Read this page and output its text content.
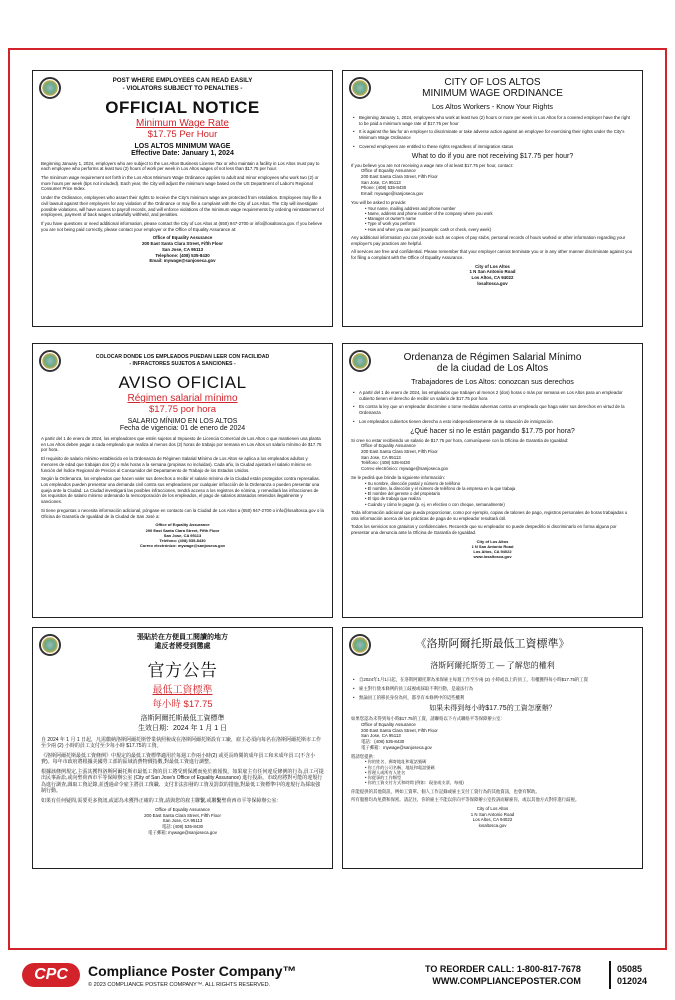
POST WHERE EMPLOYEES CAN READ EASILY
- VIOLATORS SUBJECT TO PENALTIES -
OFFICIAL NOTICE
Minimum Wage Rate
$17.75 Per Hour
LOS ALTOS MINIMUM WAGE
Effective Date: January 1, 2024

Beginning January 1, 2024, employers who are subject to the Los Altos Business License Tax or who maintain a facility in Los Altos must pay to each employee who performs at least two (2) hours of work per week in Los Altos wages of not less than $17.75 per hour.

The minimum wage requirement set forth in the Los Altos Minimum Wage Ordinance applies to adult and minor employees who work two (2) or more hours per week (tips not included). Each year, the City will adjust the minimum wage based on the US Department of Labor's Regional Consumer Price Index.

Under the Ordinance, employees who assert their rights to receive the City's minimum wage are protected from retaliation. Employees may file a civil lawsuit against their employers for any violation of the Ordinance or may file a complaint with the City of Los Altos. The City will investigate possible violations, will have access to payroll records, and will enforce violations of the minimum wage requirements by ordering reinstatement of employees, payment of back wages unlawfully withheld, and penalties.

If you have questions or need additional information, please contact the City of Los Altos at (650) 947-2700 or info@losaltosca.gov. If you believe you are not being paid correctly, please contact your employer or the Office of Equality Assurance at:

Office of Equality Assurance
200 East Santa Clara Street, Fifth Floor
San Jose, CA 95113
Telephone: (408) 535-8430
Email: mywage@sanjoseca.gov
CITY OF LOS ALTOS
MINIMUM WAGE ORDINANCE
Los Altos Workers - Know Your Rights
• Beginning January 1, 2024, employees who work at least two (2) hours or more per week in Los Altos for a covered employer have the right to be paid a minimum wage rate of $17.75 per hour
• It is against the law for an employer to discriminate or take adverse action against an employee for exercising their rights under the City's Minimum Wage Ordinance
• Covered employees are entitled to these rights regardless of immigration status
What to do if you are not receiving $17.75 per hour?
If you believe you are not receiving a wage rate of at least $17.75 per hour, contact:
Office of Equality Assurance
200 East Santa Clara Street, Fifth Floor
San Jose, CA 95113
Phone: (408) 535-8430
Email: mywage@sanjoseca.gov
You will be asked to provide:
• Your name, mailing address and phone number
• Name, address and phone number of the company where you work
• Manager or owner's name
• Type of work you perform
• How and when you are paid (example: cash or check, every week)

Any additional information you can provide such as copies of pay stubs, personal records of hours worked or other information regarding your employer's pay practices are helpful.

All services are free and confidential. Please remember that your employer cannot terminate you or in any other manner discriminate against you for filing a complaint with the Office of Equality Assurance.

City of Los Altos
1 N San Antonio Road
Los Altos, CA 94022
losaltosca.gov
COLOCAR DONDE LOS EMPLEADOS PUEDAN LEER CON FACILIDAD
- INFRACTORES SUJETOS A SANCIONES -
AVISO OFICIAL
Régimen salarial mínimo
$17.75 por hora
SALARIO MÍNIMO EN LOS ALTOS
Fecha de vigencia: 01 de enero de 2024

A partir del 1 de enero de 2024, los empleadores que estén sujetos al Impuesto de Licencia Comercial de Los Altos o que mantienen una planta en Los Altos deben pagar a cada empleado que realiza al menos dos (2) horas de trabajo por semana en Los Altos un salario mínimo de $17.75 por hora.

El requisito de salario mínimo establecido en la Ordenanza de Régimen Salarial Mínimo de Los Altos se aplica a los empleados adultos y menores de edad que trabajan dos (2) o más horas a la semana (propinas no incluidas). Cada año, la Ciudad ajustará el salario mínimo en función del Índice Regional de Precios al Consumidor del Departamento de Trabajo de los Estados Unidos.

Según la Ordenanza, los empleados que hacen valer sus derechos a recibir el salario mínimo de la Ciudad están protegidos contra represalias. Los empleados pueden presentar una demanda civil contra sus empleadores por cualquier infracción de la Ordenanza o pueden presentar una queja ante la Ciudad. La Ciudad investigará las posibles infracciones, tendrá acceso a los registros de nómina, y remediará las infracciones de los requisitos de salario mínimo ordenando la reincorporación de los empleados, el pago de salarios atrasados retenidos ilegalmente y sanciones.

Si tiene preguntas o necesita información adicional, póngase en contacto con la Ciudad de Los Altos a (650) 947-2700 o info@losaltosca.gov o la Oficina de Garantía de Igualdad de la Ciudad de San José a:

Office of Equality Assurance
200 East Santa Clara Street, Fifth Floor
San Jose, CA 95113
Teléfono: (408) 535-8430
Correo electrónico: mywage@sanjoseca.gov
Ordenanza de Régimen Salarial Mínimo
de la ciudad de Los Altos
Trabajadores de Los Altos: conozcan sus derechos
• A partir del 1 de enero de 2024, los empleados que trabajen al menos 2 (dos) horas o más por semana en Los Altos para un empleador cubierto tienen el derecho de recibir un salario de $17.75 por hora
• Es contra la ley que un empleador discrimine o tome medidas adversas contra un empleado que haga valer sus derechos en virtud de la Ordenanza
• Los empleados cubiertos tienen derecho a esto independientemente de su situación de inmigración
¿Qué hacer si no le están pagando $17.75 por hora?
Si cree no estar recibiendo un salario de $17.75 por hora, comuníquese con la Oficina de Garantía de Igualdad:
Office of Equality Assurance
200 East Santa Clara Street, Fifth Floor
San Jose, CA 95113
Teléfono: (408) 535-8430
Correo electrónico: mywage@sanjoseca.gov
Se le pedirá que brinde la siguiente información:
• Su nombre, dirección postal y número de teléfono
• El nombre, la dirección y el número de teléfono de la empresa en la que trabaja
• El nombre del gerente o del propietario
• El tipo de trabajo que realiza
• Cuándo y cómo le pagan (p. ej. en efectivo o con cheque, semanalmente)

Toda información adicional que pueda proporcionar, como por ejemplo, copias de talones de pago, registros personales de horas trabajadas u otra información acerca de las prácticas de paga de su empleador resultará útil.

Todos los servicios son gratuitos y confidenciales. Recuerde que su empleador no puede despedirlo ni discriminarlo en forma alguna por presentar una denuncia ante la Oficina de Garantía de Igualdad.

City of Los Altos
1 N San Antonio Road
Los Altos, CA 94022
www.losaltosca.gov
張貼於在方便員工閱讀的地方
違反者將受到懲處
官方公告
最低工資標準
每小時 $17.75
洛斯阿爾托斯最低工資標準
生效日期：2024 年 1 月 1 日

自 2024 年 1 月 1 日起，凡需繳納洛斯阿爾托斯營業執照稅或在洛斯阿爾托斯設有工廠，雇主必須向每名在洛斯阿爾托斯市工作至少兩 (2) 小時的員工支付至少每小時 $17.75的工資。

《洛斯阿爾托斯最低工資條例》中規定的最低工資標準適用於每週工作兩小時(2) 或更長時間的成年員工和未成年員工(不含小費)。每年市政府將根據美國勞工部的區域消費物價指數,對最低工資進行調整。

根據該條例規定,主張其獲得洛斯阿爾托斯市最低工資的員工將受到保護而免於被報復。如果雇主有任何違反條例的行為,員工可提出民事訴訟,或向聖荷西市平等保障辦公室 (City of San Jose's Office of Equality Assurance) 進行投訴。市政府將對可能的違規行為進行調查,調取工資記錄,並透過命令雇主將員工復職、支付非法扣發的工資及罰款的措施,對最低工資標準中的違規行為採取強制行動。

如果有任何疑問,需要更多資訊,或認為未獲得正確的工資,請與您的雇主聯繫,或聯繫聖荷西市平等保障辦公室:

Office of Equality Assurance
200 East Santa Clara Street, Fifth Floor
San Jose, CA 95113
電話: (408) 535-8430
電子郵箱: mywage@sanjoseca.gov
《洛斯阿爾托斯最低工資標準》
洛斯阿爾托斯勞工 — 了解您的權利
• 自2024年1月1日起，在洛斯阿爾托斯為承保雇主每週工作至少兩 (2) 小時或以上的員工，有權獲得每小時$17.75的工資
• 雇主對行使本條例的員工歧視或採取不利行動，是違法行為
• 無論員工的移民身份為何，都享有本條例中的這些權利
如果未得到每小時$17.75的工資怎麼辦？
如果您認為未得到每小時$17.75的工資，請聯絡以下方式聯絡平等保障辦公室：
Office of Equality Assurance
200 East Santa Clara Street, Fifth Floor
San Jose, CA 95113
電話：(408) 535-8430
電子郵箱：mywage@sanjoseca.gov
將請您提供：
• 你的姓名、郵寄地址和電話號碼
• 你工作的公司名稱、地址和電話號碼
• 管理人或所有人姓名
• 你從事的工作類型
• 你的工資支付方式和時間 (例如：現金或支票，每週)

你能提供的其他資訊，例如工資單、個人工作記錄或雇主支付工資行為的其他資訊，也會有幫助。

所有服務均為免費和保密。請記住，你的雇主不能以你向平等保障辦公室投訴而解雇你，或以其他方式對你進行歧視。

City of Los Altos
1 N San Antonio Road
Los Altos, CA 94022
losaltosca.gov
CPC	Compliance Poster Company™
© 2023 COMPLIANCE POSTER COMPANY™. ALL RIGHTS RESERVED.
TO REORDER CALL: 1-800-817-7678
WWW.COMPLIANCEPOSTER.COM
05085
012024
